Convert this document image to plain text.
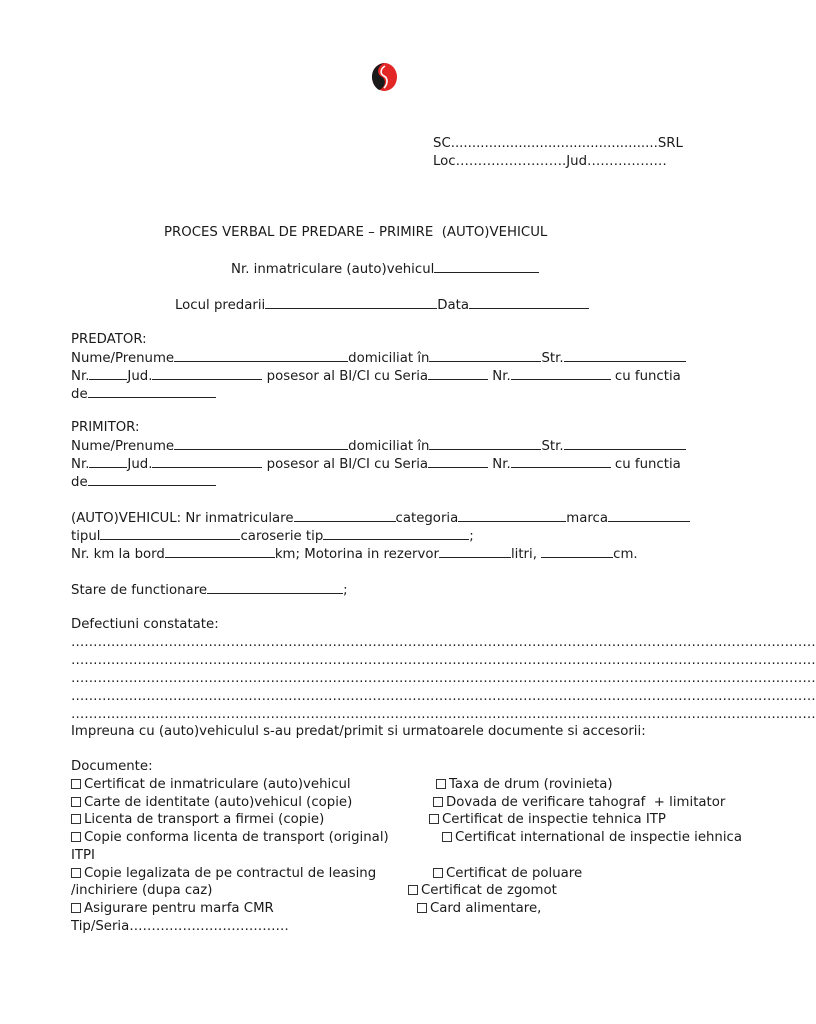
SC.................................................SRL
Loc…………………….Jud………………
PROCES VERBAL DE PREDARE – PRIMIRE  (AUTO)VEHICUL
Nr. inmatriculare (auto)vehicul
Locul predarii	Data
PREDATOR:
Nume/Prenume	domiciliat în	Str.
Nr.	Jud.	posesor al BI/CI cu Seria	Nr.	cu functia
de
PRIMITOR:
Nume/Prenume	domiciliat în	Str.
Nr.	Jud.	posesor al BI/CI cu Seria	Nr.	cu functia
de
(AUTO)VEHICUL: Nr inmatriculare	categoria	marca
tipul	caroserie tip	;
Nr. km la bord	km; Motorina in rezervor	litri,	cm.
Stare de functionare	;
Defectiuni constatate:
……………………………………………………………………………………………………………………………………………………
……………………………………………………………………………………………………………………………………………………
……………………………………………………………………………………………………………………………………………………
……………………………………………………………………………………………………………………………………………………
……………………………………………………………………………………………………………………………………………………
Impreuna cu (auto)vehiculul s-au predat/primit si urmatoarele documente si accesorii:
Documente:
Certificat de inmatriculare (auto)vehicul	Taxa de drum (rovinieta)
Carte de identitate (auto)vehicul (copie)	Dovada de verificare tahograf  + limitator
Licenta de transport a firmei (copie)	Certificat de inspectie tehnica ITP
Copie conforma licenta de transport (original)	Certificat international de inspectie iehnica
ITPI
Copie legalizata de pe contractul de leasing	Certificat de poluare
/inchiriere (dupa caz)	Certificat de zgomot
Asigurare pentru marfa CMR	Card alimentare,
Tip/Seria………………………………
